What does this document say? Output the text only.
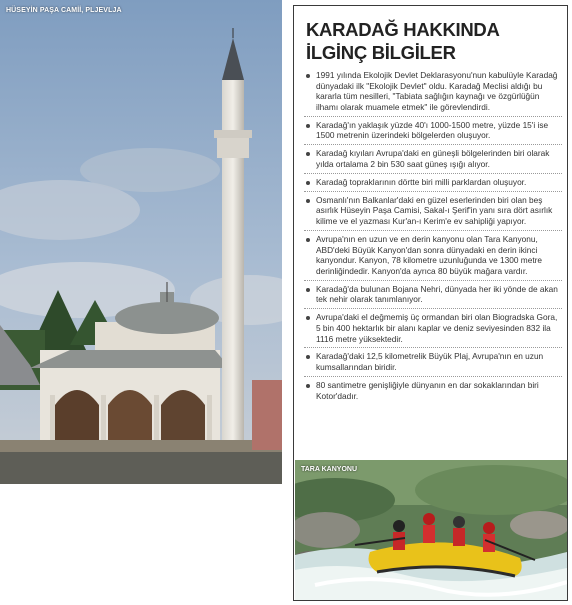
HÜSEYİN PAŞA CAMİİ, PLJEVLJA
KARADAĞ HAKKINDA
İLGİNÇ BİLGİLER
1991 yılında Ekolojik Devlet Deklarasyonu'nun kabulüyle Karadağ dünyadaki ilk "Ekolojik Devlet" oldu. Karadağ Meclisi aldığı bu kararla tüm nesilleri, "Tabiata sağlığın kaynağı ve özgürlüğün ilhamı olarak muamele etmek" ile görevlendirdi.
Karadağ'ın yaklaşık yüzde 40'ı 1000-1500 metre, yüzde 15'i ise 1500 metrenin üzerindeki bölgelerden oluşuyor.
Karadağ kıyıları Avrupa'daki en güneşli bölgelerinden biri olarak yılda ortalama 2 bin 530 saat güneş ışığı alıyor.
Karadağ topraklarının dörtte biri milli parklardan oluşuyor.
Osmanlı'nın Balkanlar'daki en güzel eserlerinden biri olan beş asırlık Hüseyin Paşa Camisi, Sakal-ı Şerif'in yanı sıra dört asırlık kilime ve el yazması Kur'an-ı Kerim'e ev sahipliği yapıyor.
Avrupa'nın en uzun ve en derin kanyonu olan Tara Kanyonu, ABD'deki Büyük Kanyon'dan sonra dünyadaki en derin ikinci kanyondur. Kanyon, 78 kilometre uzunluğunda ve 1300 metre derinliğindedir. Kanyon'da ayrıca 80 büyük mağara vardır.
Karadağ'da bulunan Bojana Nehri, dünyada her iki yönde de akan tek nehir olarak tanımlanıyor.
Avrupa'daki el değmemiş üç ormandan biri olan Biogradska Gora, 5 bin 400 hektarlık bir alanı kaplar ve deniz seviyesinden 832 ila 1116 metre yüksektedir.
Karadağ'daki 12,5 kilometrelik Büyük Plaj, Avrupa'nın en uzun kumsallarından biridir.
80 santimetre genişliğiyle dünyanın en dar sokaklarından biri Kotor'dadır.
TARA KANYONU
